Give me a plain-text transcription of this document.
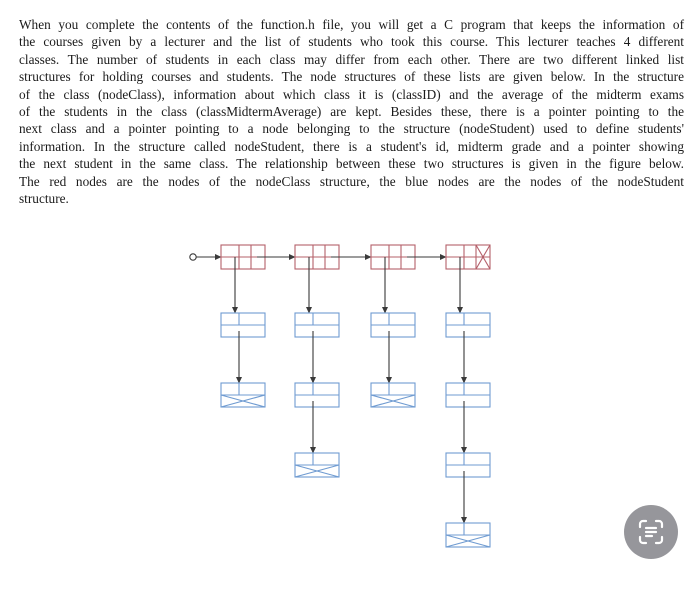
When you complete the contents of the function.h file, you will get a C program that keeps the information of
the courses given by a lecturer and the list of students who took this course. This lecturer teaches 4 different
classes. The number of students in each class may differ from each other. There are two different linked list
structures for holding courses and students. The node structures of these lists are given below. In the structure
of the class (nodeClass), information about which class it is (classID) and the average of the midterm exams
of the students in the class (classMidtermAverage) are kept. Besides these, there is a pointer pointing to the
next class and a pointer pointing to a node belonging to the structure (nodeStudent) used to define students'
information. In the structure called nodeStudent, there is a student's id, midterm grade and a pointer showing
the next student in the same class. The relationship between these two structures is given in the figure below.
The red nodes are the nodes of the nodeClass structure, the blue nodes are the nodes of the nodeStudent
structure.
